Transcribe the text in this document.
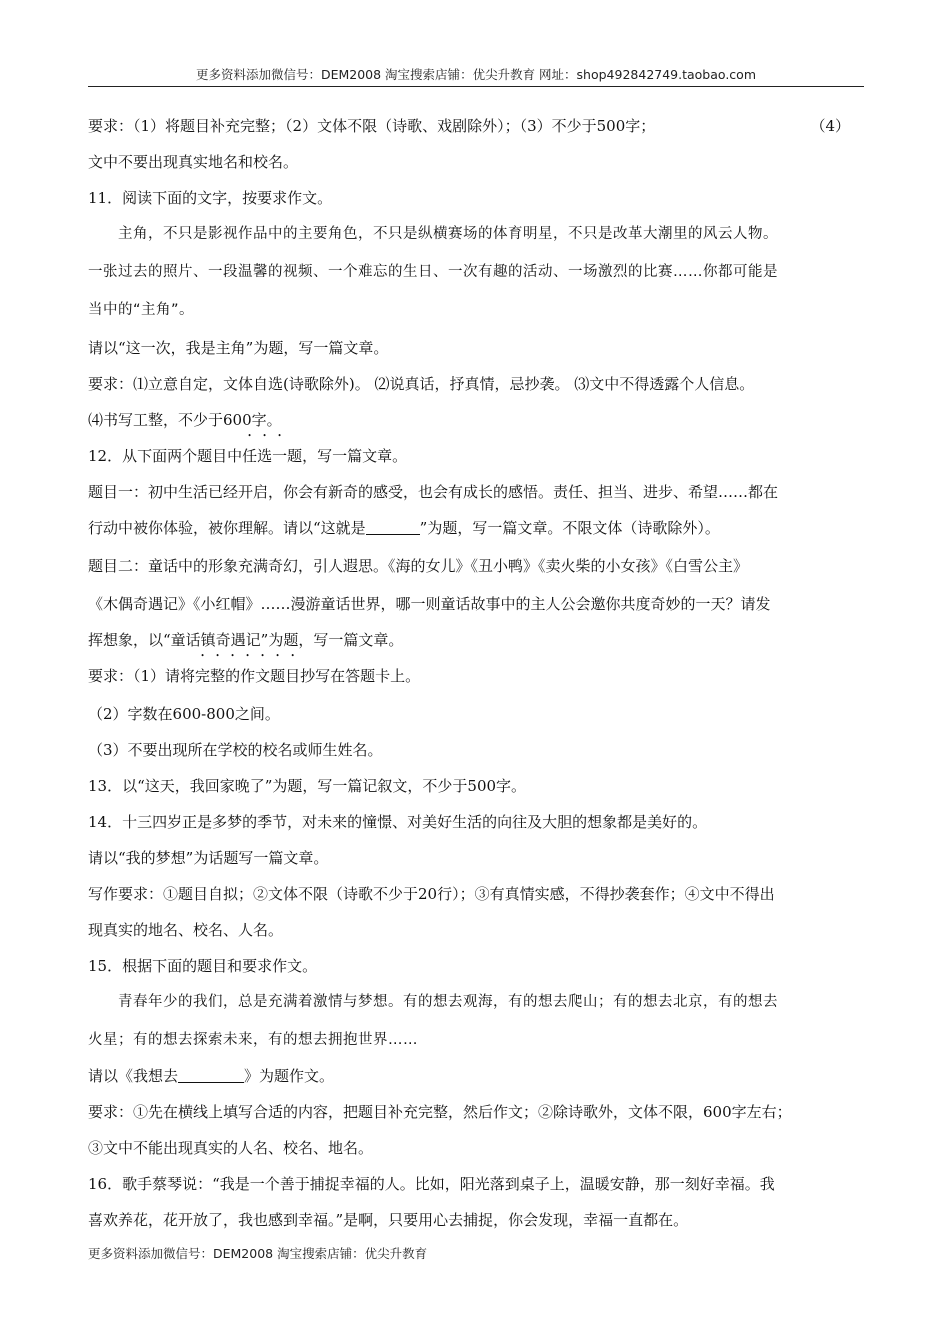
更多资料添加微信号：DEM2008 淘宝搜索店铺：优尖升教育 网址：shop492842749.taobao.com
要求：（1）将题目补充完整；（2）文体不限（诗歌、戏剧除外）；（3）不少于500字；	（4）
文中不要出现真实地名和校名。
11．阅读下面的文字，按要求作文。
主角，不只是影视作品中的主要角色，不只是纵横赛场的体育明星，不只是改革大潮里的风云人物。
一张过去的照片、一段温馨的视频、一个难忘的生日、一次有趣的活动、一场激烈的比赛……你都可能是
当中的“主角”。
请以“这一次，我是主角”为题，写一篇文章。
要求：⑴立意自定，文体自选(诗歌除外)。 ⑵说真话，抒真情，忌抄袭。 ⑶文中不得透露个人信息。
⑷书写工整，不少于600字。
12．从下面两个题目中任选一题，写一篇文章。
题目一：初中生活已经开启，你会有新奇的感受，也会有成长的感悟。责任、担当、进步、希望……都在
行动中被你体验，被你理解。请以“这就是	”为题，写一篇文章。不限文体（诗歌除外）。
题目二：童话中的形象充满奇幻，引人遐思。《海的女儿》《丑小鸭》《卖火柴的小女孩》《白雪公主》
《木偶奇遇记》《小红帽》……漫游童话世界，哪一则童话故事中的主人公会邀你共度奇妙的一天？请发
挥想象，以“童话镇奇遇记”为题，写一篇文章。
要求：（1）请将完整的作文题目抄写在答题卡上。
（2）字数在600-800之间。
（3）不要出现所在学校的校名或师生姓名。
13．以“这天，我回家晚了”为题，写一篇记叙文，不少于500字。
14．十三四岁正是多梦的季节，对未来的憧憬、对美好生活的向往及大胆的想象都是美好的。
请以“我的梦想”为话题写一篇文章。
写作要求：①题目自拟；②文体不限（诗歌不少于20行）；③有真情实感，不得抄袭套作；④文中不得出
现真实的地名、校名、人名。
15．根据下面的题目和要求作文。
青春年少的我们，总是充满着激情与梦想。有的想去观海，有的想去爬山；有的想去北京，有的想去
火星；有的想去探索未来，有的想去拥抱世界……
请以《我想去	》为题作文。
要求：①先在横线上填写合适的内容，把题目补充完整，然后作文；②除诗歌外，文体不限，600字左右；
③文中不能出现真实的人名、校名、地名。
16．歌手蔡琴说：“我是一个善于捕捉幸福的人。比如，阳光落到桌子上，温暖安静，那一刻好幸福。我
喜欢养花，花开放了，我也感到幸福。”是啊，只要用心去捕捉，你会发现，幸福一直都在。
更多资料添加微信号：DEM2008 淘宝搜索店铺：优尖升教育
